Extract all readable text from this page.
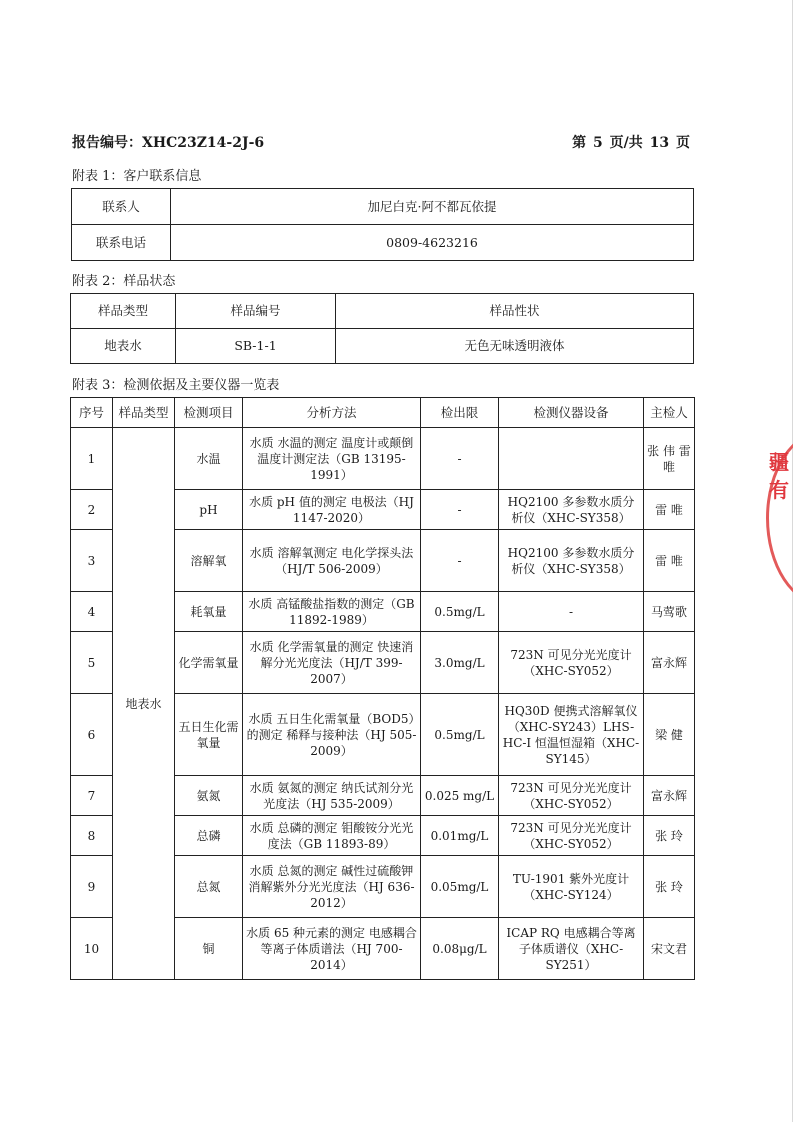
报告编号：XHC23Z14-2J-6	第 5 页/共 13 页
附表 1：客户联系信息
联系人	加尼白克·阿不都瓦依提
联系电话	0809-4623216
附表 2：样品状态
样品类型	样品编号	样品性状
地表水	SB-1-1	无色无味透明液体
附表 3：检测依据及主要仪器一览表
序号	样品类型	检测项目	分析方法	检出限	检测仪器设备	主检人
1	地表水	水温	水质 水温的测定 温度计或颠倒温度计测定法（GB 13195-1991）	-		张 伟 雷 唯
2		pH	水质 pH 值的测定 电极法（HJ 1147-2020）	-	HQ2100 多参数水质分析仪（XHC-SY358）	雷 唯
3		溶解氧	水质 溶解氧测定 电化学探头法（HJ/T 506-2009）	-	HQ2100 多参数水质分析仪（XHC-SY358）	雷 唯
4		耗氧量	水质 高锰酸盐指数的测定（GB 11892-1989）	0.5mg/L	-	马莺歌
5		化学需氧量	水质 化学需氧量的测定 快速消解分光光度法（HJ/T 399-2007）	3.0mg/L	723N 可见分光光度计（XHC-SY052）	富永辉
6		五日生化需氧量	水质 五日生化需氧量（BOD5）的测定 稀释与接种法（HJ 505-2009）	0.5mg/L	HQ30D 便携式溶解氧仪（XHC-SY243）LHS-HC-I 恒温恒湿箱（XHC-SY145）	梁 健
7		氨氮	水质 氨氮的测定 纳氏试剂分光光度法（HJ 535-2009）	0.025 mg/L	723N 可见分光光度计（XHC-SY052）	富永辉
8		总磷	水质 总磷的测定 钼酸铵分光光度法（GB 11893-89）	0.01mg/L	723N 可见分光光度计（XHC-SY052）	张 玲
9		总氮	水质 总氮的测定 碱性过硫酸钾消解紫外分光光度法（HJ 636-2012）	0.05mg/L	TU-1901 紫外光度计（XHC-SY124）	张 玲
10		铜	水质 65 种元素的测定 电感耦合等离子体质谱法（HJ 700-2014）	0.08μg/L	ICAP RQ 电感耦合等离子体质谱仪（XHC-SY251）	宋文君
疆有
